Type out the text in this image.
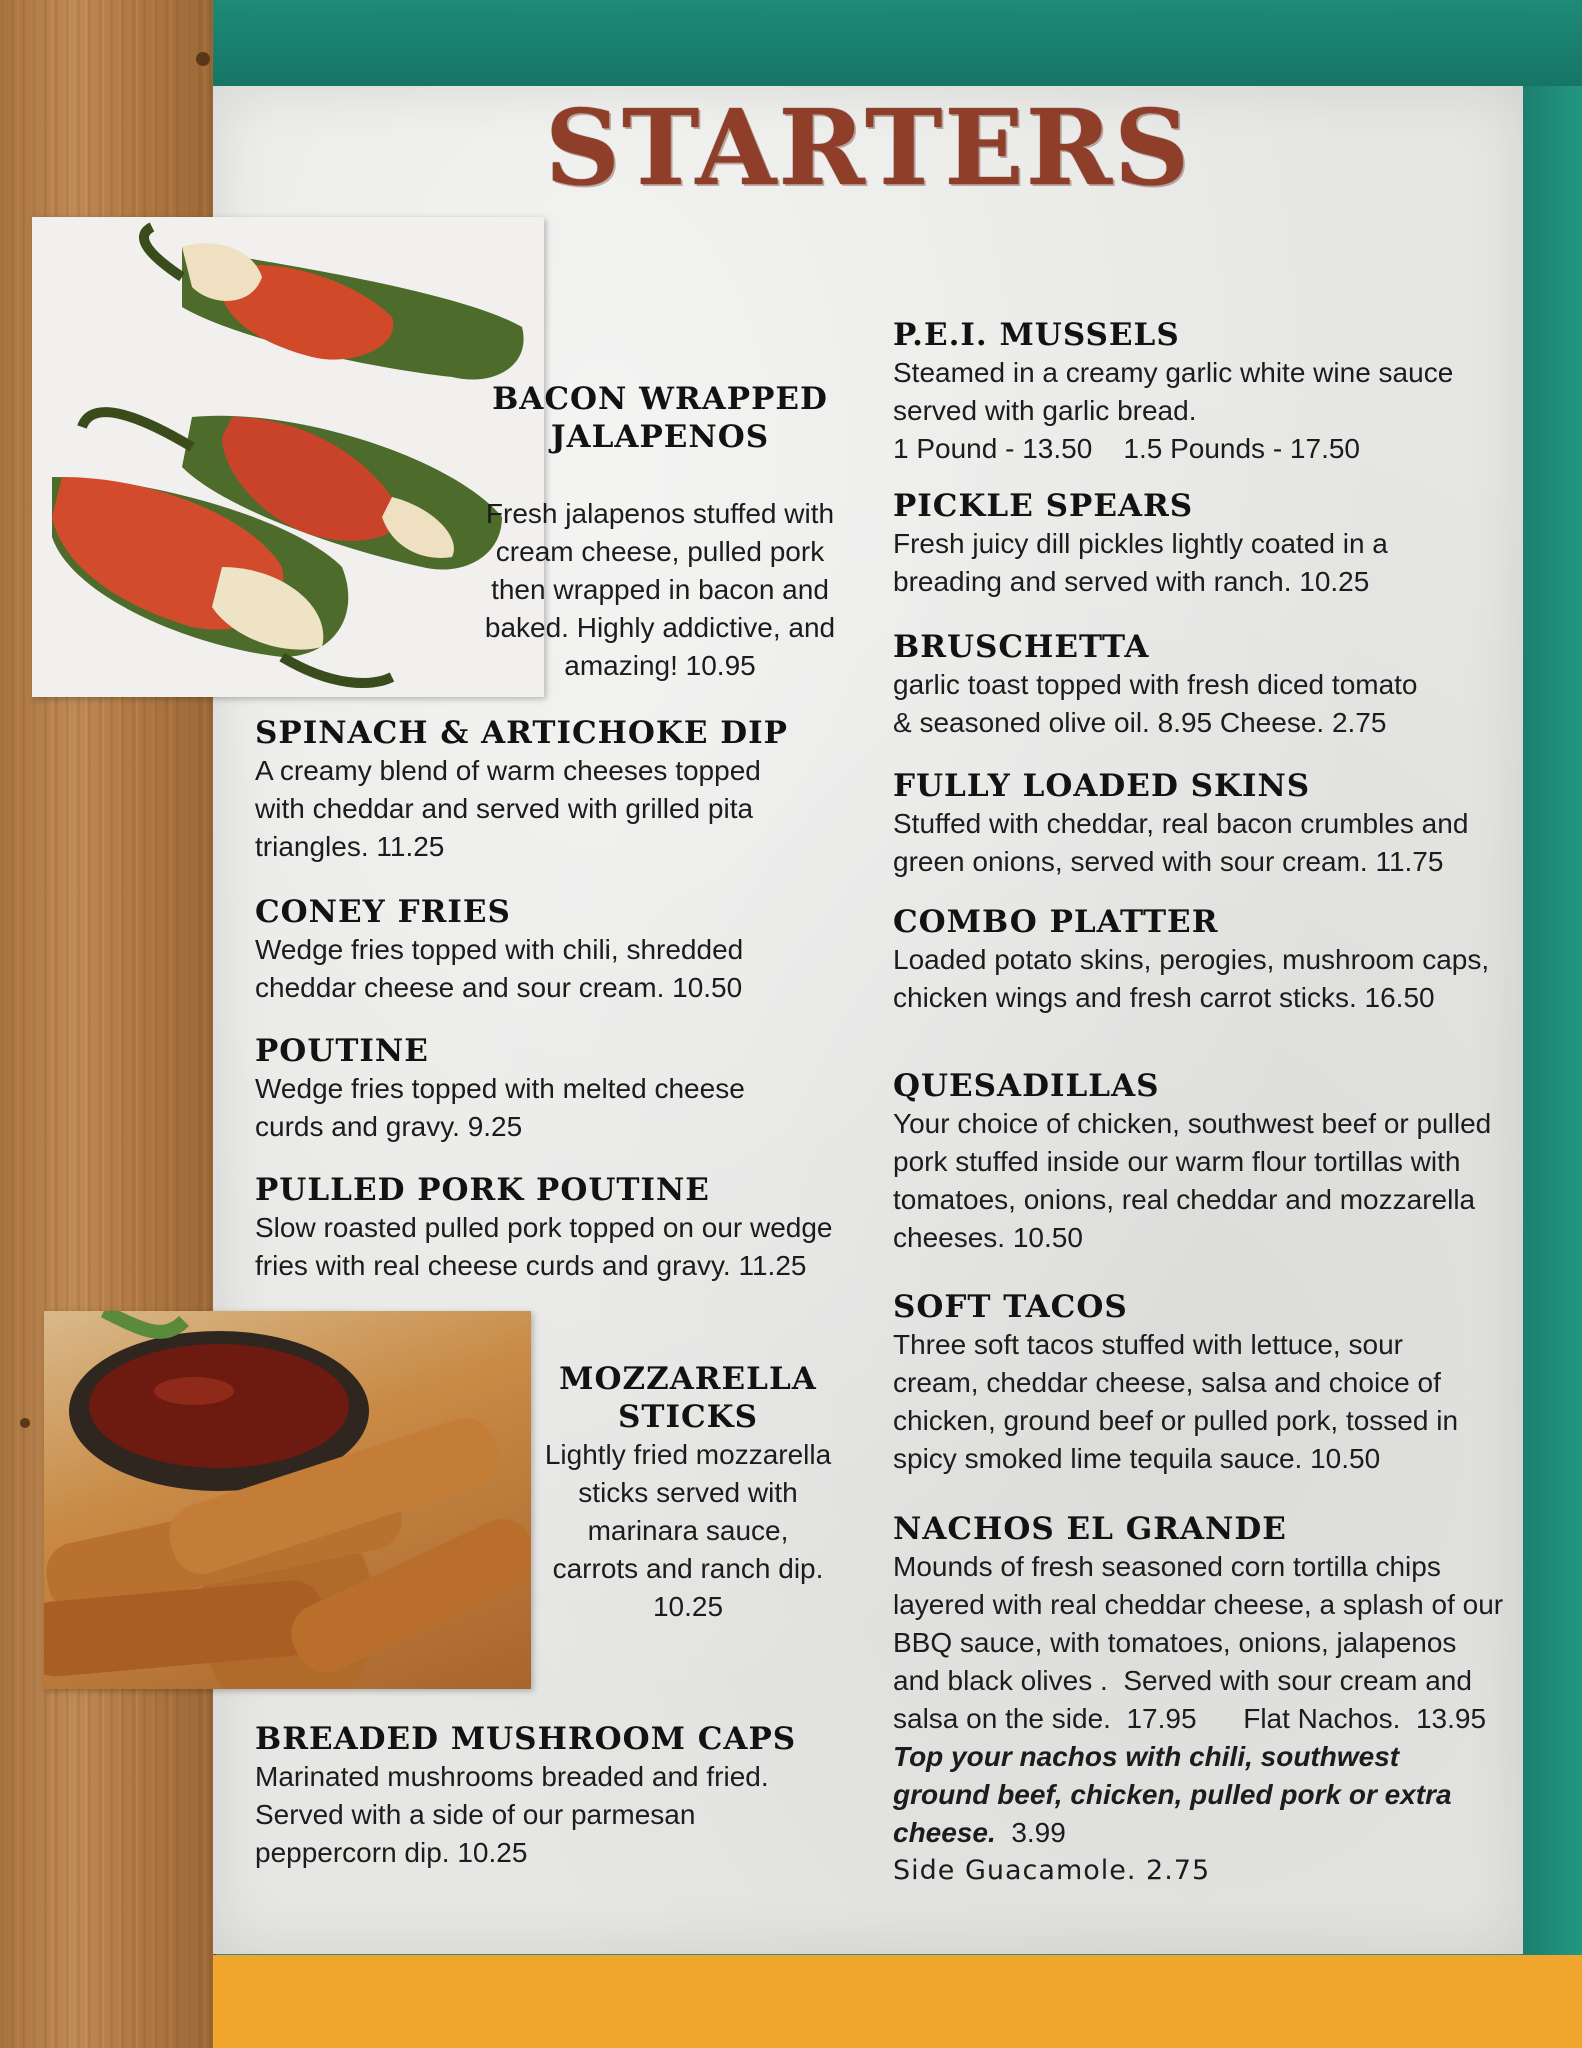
STARTERS
BACON WRAPPED JALAPENOS
Fresh jalapenos stuffed with cream cheese, pulled pork then wrapped in bacon and baked. Highly addictive, and amazing! 10.95
SPINACH & ARTICHOKE DIP
A creamy blend of warm cheeses topped with cheddar and served with grilled pita triangles. 11.25
CONEY FRIES
Wedge fries topped with chili, shredded cheddar cheese and sour cream. 10.50
POUTINE
Wedge fries topped with melted cheese curds and gravy. 9.25
PULLED PORK POUTINE
Slow roasted pulled pork topped on our wedge fries with real cheese curds and gravy. 11.25
MOZZARELLA STICKS
Lightly fried mozzarella sticks served with marinara sauce, carrots and ranch dip. 10.25
BREADED MUSHROOM CAPS
Marinated mushrooms breaded and fried. Served with a side of our parmesan peppercorn dip. 10.25
P.E.I. MUSSELS
Steamed in a creamy garlic white wine sauce served with garlic bread.
1 Pound - 13.50    1.5 Pounds - 17.50
PICKLE SPEARS
Fresh juicy dill pickles lightly coated in a breading and served with ranch. 10.25
BRUSCHETTA
garlic toast topped with fresh diced tomato & seasoned olive oil. 8.95 Cheese. 2.75
FULLY LOADED SKINS
Stuffed with cheddar, real bacon crumbles and green onions, served with sour cream. 11.75
COMBO PLATTER
Loaded potato skins, perogies, mushroom caps, chicken wings and fresh carrot sticks. 16.50
QUESADILLAS
Your choice of chicken, southwest beef or pulled pork stuffed inside our warm flour tortillas with tomatoes, onions, real cheddar and mozzarella cheeses. 10.50
SOFT TACOS
Three soft tacos stuffed with lettuce, sour cream, cheddar cheese, salsa and choice of chicken, ground beef or pulled pork, tossed in spicy smoked lime tequila sauce. 10.50
NACHOS EL GRANDE
Mounds of fresh seasoned corn tortilla chips layered with real cheddar cheese, a splash of our BBQ sauce, with tomatoes, onions, jalapenos and black olives .  Served with sour cream and salsa on the side.  17.95      Flat Nachos.  13.95
Top your nachos with chili, southwest ground beef, chicken, pulled pork or extra cheese. 3.99
Side Guacamole. 2.75
